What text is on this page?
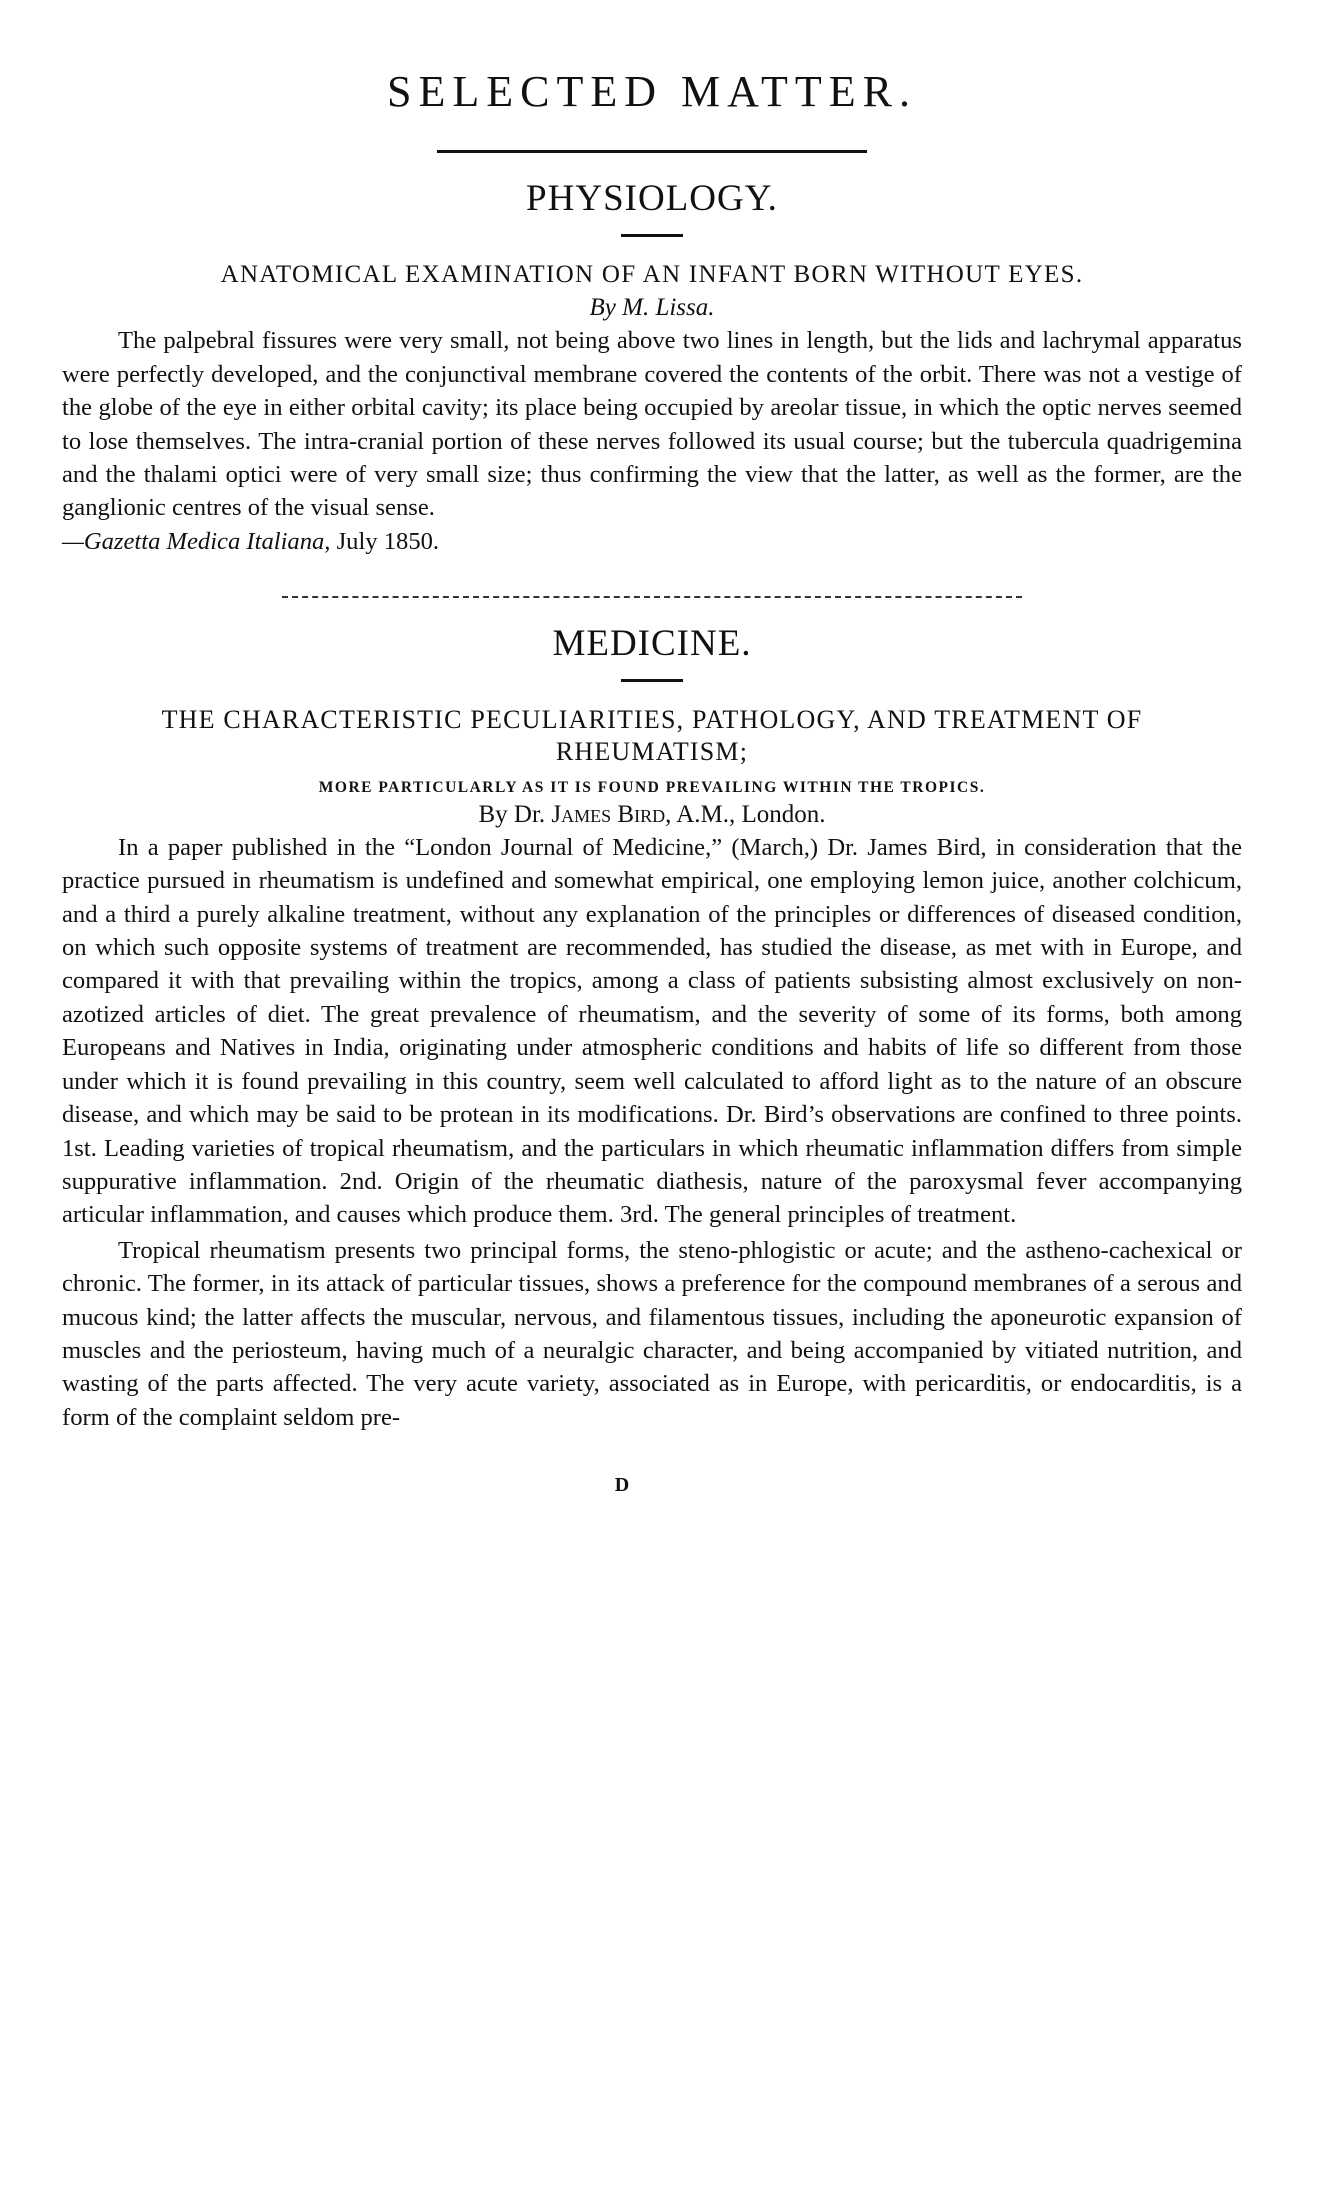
SELECTED MATTER.
PHYSIOLOGY.
ANATOMICAL EXAMINATION OF AN INFANT BORN WITHOUT EYES.
By M. Lissa.

The palpebral fissures were very small, not being above two lines in length, but the lids and lachrymal apparatus were perfectly developed, and the conjunctival membrane covered the contents of the orbit. There was not a vestige of the globe of the eye in either orbital cavity; its place being occupied by areolar tissue, in which the optic nerves seemed to lose themselves. The intra-cranial portion of these nerves followed its usual course; but the tubercula quadrigemina and the thalami optici were of very small size; thus confirming the view that the latter, as well as the former, are the ganglionic centres of the visual sense.
—Gazetta Medica Italiana, July 1850.

MEDICINE.
THE CHARACTERISTIC PECULIARITIES, PATHOLOGY, AND TREATMENT OF RHEUMATISM;
MORE PARTICULARLY AS IT IS FOUND PREVAILING WITHIN THE TROPICS.
By Dr. James Bird, A.M., London.

In a paper published in the “London Journal of Medicine,” (March,) Dr. James Bird, in consideration that the practice pursued in rheumatism is undefined and somewhat empirical, one employing lemon juice, another colchicum, and a third a purely alkaline treatment, without any explanation of the principles or differences of diseased condition, on which such opposite systems of treatment are recommended, has studied the disease, as met with in Europe, and compared it with that prevailing within the tropics, among a class of patients subsisting almost exclusively on non-azotized articles of diet. The great prevalence of rheumatism, and the severity of some of its forms, both among Europeans and Natives in India, originating under atmospheric conditions and habits of life so different from those under which it is found prevailing in this country, seem well calculated to afford light as to the nature of an obscure disease, and which may be said to be protean in its modifications. Dr. Bird’s observations are confined to three points. 1st. Leading varieties of tropical rheumatism, and the particulars in which rheumatic inflammation differs from simple suppurative inflammation. 2nd. Origin of the rheumatic diathesis, nature of the paroxysmal fever accompanying articular inflammation, and causes which produce them. 3rd. The general principles of treatment.

Tropical rheumatism presents two principal forms, the steno-phlogistic or acute; and the astheno-cachexical or chronic. The former, in its attack of particular tissues, shows a preference for the compound membranes of a serous and mucous kind; the latter affects the muscular, nervous, and filamentous tissues, including the aponeurotic expansion of muscles and the periosteum, having much of a neuralgic character, and being accompanied by vitiated nutrition, and wasting of the parts affected. The very acute variety, associated as in Europe, with pericarditis, or endocarditis, is a form of the complaint seldom pre-

D
